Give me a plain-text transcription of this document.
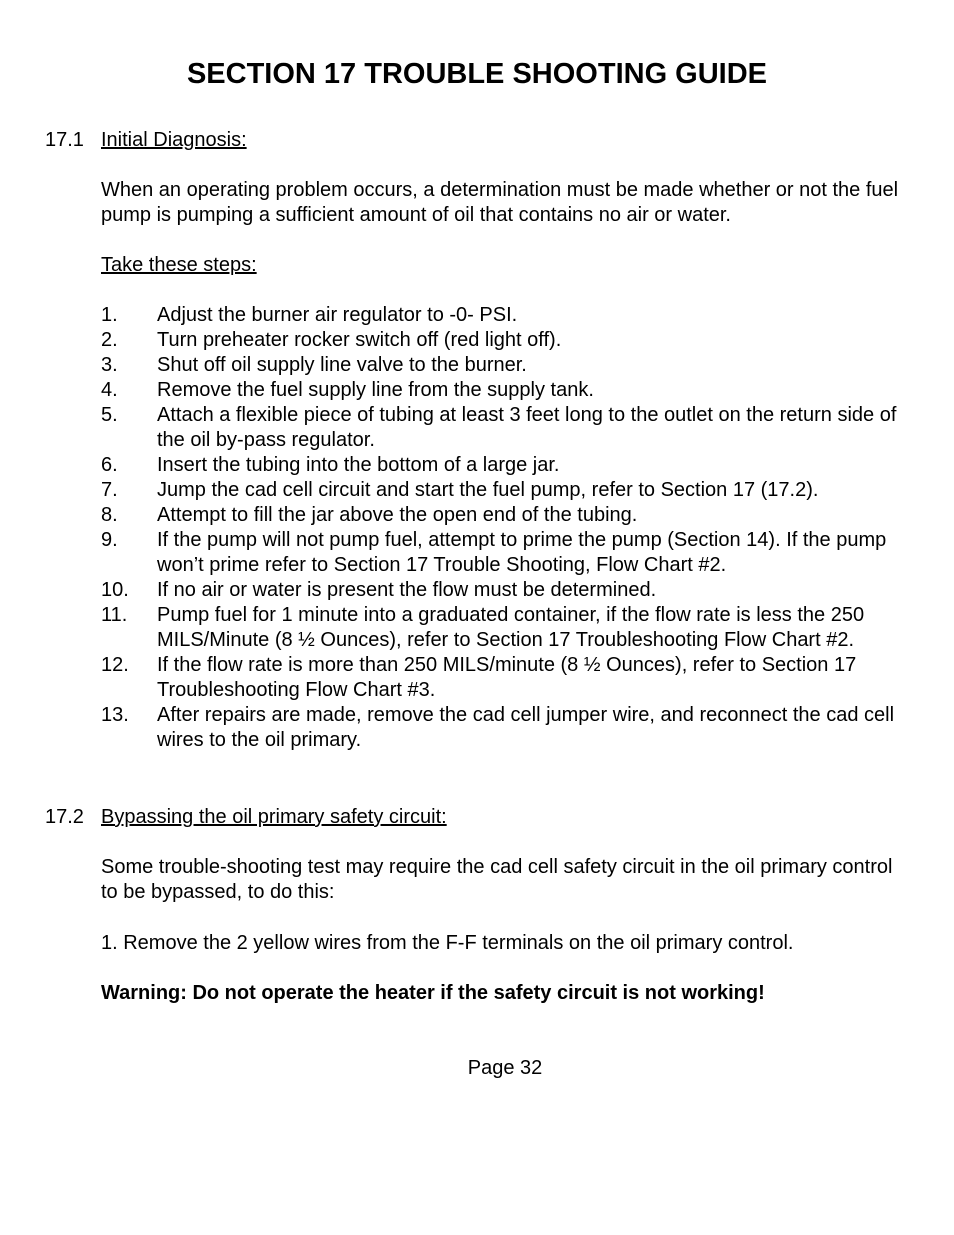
SECTION 17 TROUBLE SHOOTING GUIDE
17.1 Initial Diagnosis:
When an operating problem occurs, a determination must be made whether or not the fuel pump is pumping a sufficient amount of oil that contains no air or water.
Take these steps:
1. Adjust the burner air regulator to -0- PSI.
2. Turn preheater rocker switch off (red light off).
3. Shut off oil supply line valve to the burner.
4. Remove the fuel supply line from the supply tank.
5. Attach a flexible piece of tubing at least 3 feet long to the outlet on the return side of the oil by-pass regulator.
6. Insert the tubing into the bottom of a large jar.
7. Jump the cad cell circuit and start the fuel pump, refer to Section 17 (17.2).
8. Attempt to fill the jar above the open end of the tubing.
9. If the pump will not pump fuel, attempt to prime the pump (Section 14). If the pump won’t prime refer to Section 17 Trouble Shooting, Flow Chart #2.
10. If no air or water is present the flow must be determined.
11. Pump fuel for 1 minute into a graduated container, if the flow rate is less the 250 MILS/Minute (8 ½ Ounces), refer to Section 17 Troubleshooting Flow Chart #2.
12. If the flow rate is more than 250 MILS/minute (8 ½ Ounces), refer to Section 17 Troubleshooting Flow Chart #3.
13. After repairs are made, remove the cad cell jumper wire, and reconnect the cad cell wires to the oil primary.
17.2 Bypassing the oil primary safety circuit:
Some trouble-shooting test may require the cad cell safety circuit in the oil primary control to be bypassed, to do this:
1. Remove the 2 yellow wires from the F-F terminals on the oil primary control.
Warning: Do not operate the heater if the safety circuit is not working!
Page 32
